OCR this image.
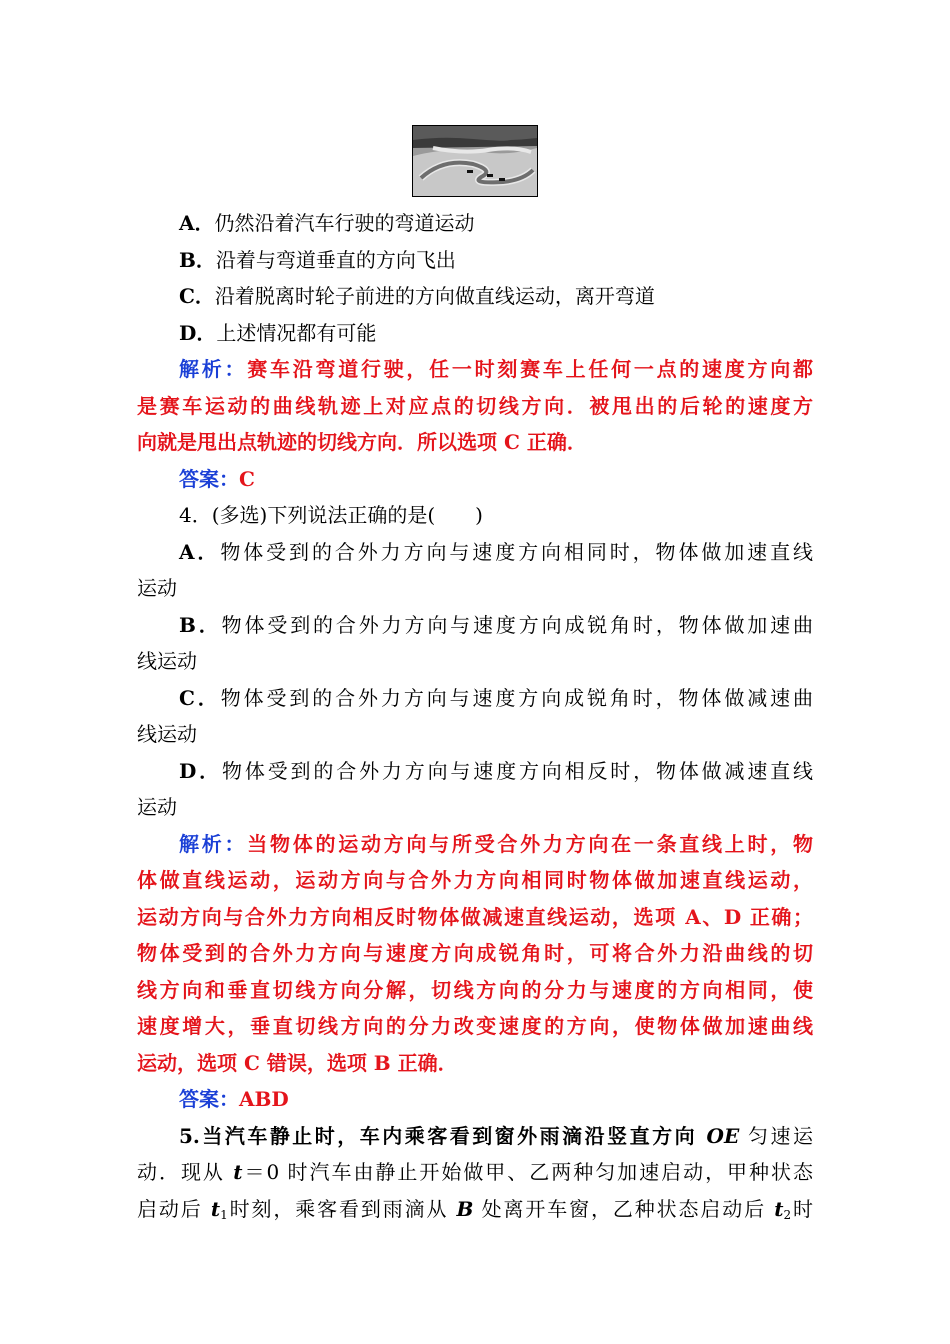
A．仍然沿着汽车行驶的弯道运动
B．沿着与弯道垂直的方向飞出
C．沿着脱离时轮子前进的方向做直线运动，离开弯道
D．上述情况都有可能
解析：赛车沿弯道行驶，任一时刻赛车上任何一点的速度方向都
是赛车运动的曲线轨迹上对应点的切线方向．被甩出的后轮的速度方
向就是甩出点轨迹的切线方向．所以选项 C 正确．
答案：C
4．(多选)下列说法正确的是(　　)
A．物体受到的合外力方向与速度方向相同时，物体做加速直线
运动
B．物体受到的合外力方向与速度方向成锐角时，物体做加速曲
线运动
C．物体受到的合外力方向与速度方向成锐角时，物体做减速曲
线运动
D．物体受到的合外力方向与速度方向相反时，物体做减速直线
运动
解析：当物体的运动方向与所受合外力方向在一条直线上时，物
体做直线运动，运动方向与合外力方向相同时物体做加速直线运动，
运动方向与合外力方向相反时物体做减速直线运动，选项 A、D 正确；
物体受到的合外力方向与速度方向成锐角时，可将合外力沿曲线的切
线方向和垂直切线方向分解，切线方向的分力与速度的方向相同，使
速度增大，垂直切线方向的分力改变速度的方向，使物体做加速曲线
运动，选项 C 错误，选项 B 正确．
答案：ABD
5.当汽车静止时，车内乘客看到窗外雨滴沿竖直方向 OE 匀速运
动．现从 t＝0 时汽车由静止开始做甲、乙两种匀加速启动，甲种状态
启动后 $t_1$时刻，乘客看到雨滴从 B 处离开车窗，乙种状态启动后 $t_2$时
